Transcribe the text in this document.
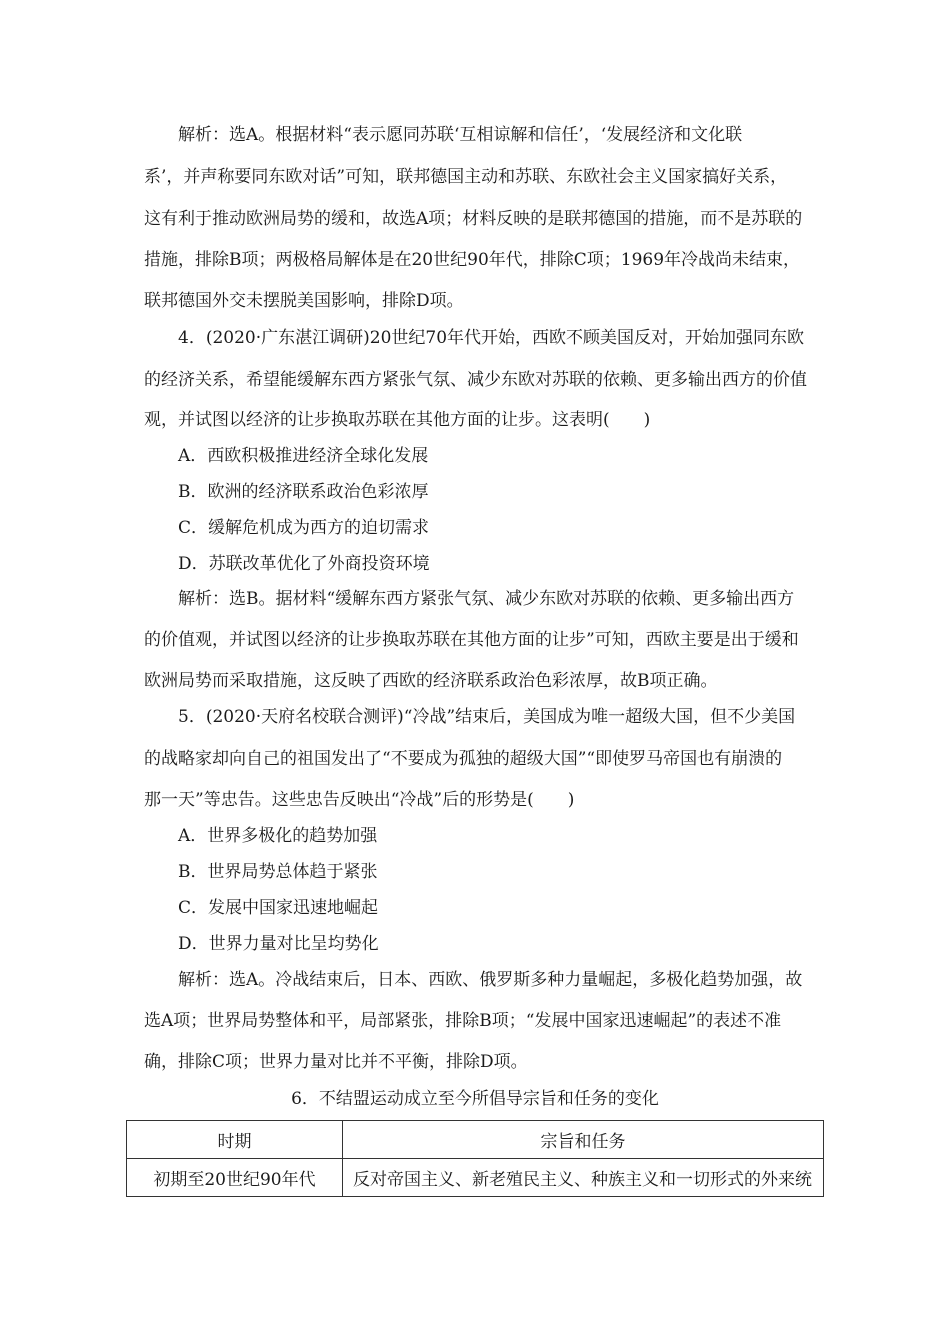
解析：选A。根据材料“表示愿同苏联‘互相谅解和信任’，‘发展经济和文化联
系’，并声称要同东欧对话”可知，联邦德国主动和苏联、东欧社会主义国家搞好关系，
这有利于推动欧洲局势的缓和，故选A项；材料反映的是联邦德国的措施，而不是苏联的
措施，排除B项；两极格局解体是在20世纪90年代，排除C项；1969年冷战尚未结束，
联邦德国外交未摆脱美国影响，排除D项。
4．(2020·广东湛江调研)20世纪70年代开始，西欧不顾美国反对，开始加强同东欧
的经济关系，希望能缓解东西方紧张气氛、减少东欧对苏联的依赖、更多输出西方的价值
观，并试图以经济的让步换取苏联在其他方面的让步。这表明(　　)
A．西欧积极推进经济全球化发展
B．欧洲的经济联系政治色彩浓厚
C．缓解危机成为西方的迫切需求
D．苏联改革优化了外商投资环境
解析：选B。据材料“缓解东西方紧张气氛、减少东欧对苏联的依赖、更多输出西方
的价值观，并试图以经济的让步换取苏联在其他方面的让步”可知，西欧主要是出于缓和
欧洲局势而采取措施，这反映了西欧的经济联系政治色彩浓厚，故B项正确。
5．(2020·天府名校联合测评)“冷战”结束后，美国成为唯一超级大国，但不少美国
的战略家却向自己的祖国发出了“不要成为孤独的超级大国”“即使罗马帝国也有崩溃的
那一天”等忠告。这些忠告反映出“冷战”后的形势是(　　)
A．世界多极化的趋势加强
B．世界局势总体趋于紧张
C．发展中国家迅速地崛起
D．世界力量对比呈均势化
解析：选A。冷战结束后，日本、西欧、俄罗斯多种力量崛起，多极化趋势加强，故
选A项；世界局势整体和平，局部紧张，排除B项；“发展中国家迅速崛起”的表述不准
确，排除C项；世界力量对比并不平衡，排除D项。
6．不结盟运动成立至今所倡导宗旨和任务的变化
时期	宗旨和任务
初期至20世纪90年代	反对帝国主义、新老殖民主义、种族主义和一切形式的外来统
